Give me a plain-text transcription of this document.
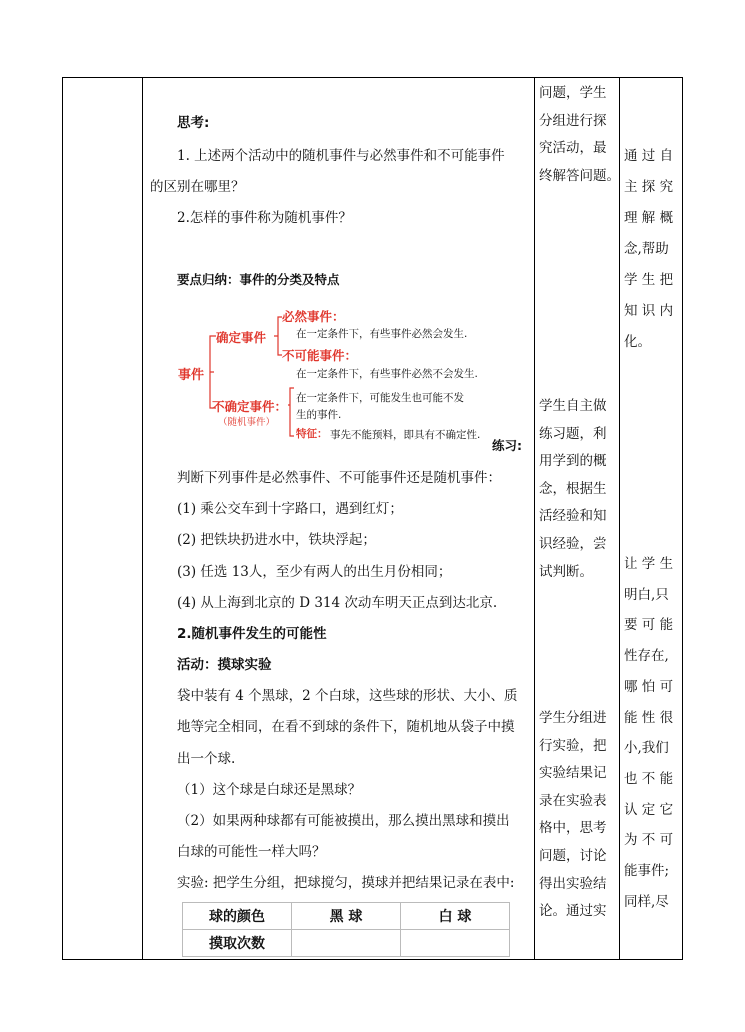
思考:
1. 上述两个活动中的随机事件与必然事件和不可能事件
的区别在哪里？
2.怎样的事件称为随机事件？
要点归纳：事件的分类及特点
事件
确定事件
必然事件：
在一定条件下，有些事件必然会发生.
不可能事件：
在一定条件下，有些事件必然不会发生.
不确定事件：
（随机事件）
在一定条件下，可能发生也可能不发
生的事件.
特征： 事先不能预料，即具有不确定性.
练习:
判断下列事件是必然事件、不可能事件还是随机事件：
(1) 乘公交车到十字路口，遇到红灯；
(2) 把铁块扔进水中，铁块浮起；
(3) 任选 13人，至少有两人的出生月份相同；
(4) 从上海到北京的 D 314 次动车明天正点到达北京.
2.随机事件发生的可能性
活动：摸球实验
袋中装有 4 个黑球，2 个白球，这些球的形状、大小、质
地等完全相同，在看不到球的条件下，随机地从袋子中摸
出一个球.
（1）这个球是白球还是黑球？
（2）如果两种球都有可能被摸出，那么摸出黑球和摸出
白球的可能性一样大吗？
实验: 把学生分组，把球搅匀，摸球并把结果记录在表中:
球的颜色	黑 球	白 球
摸取次数		
问题，学生
分组进行探
究活动，最
终解答问题。
学生自主做
练习题，利
用学到的概
念，根据生
活经验和知
识经验，尝
试判断。
学生分组进
行实验，把
实验结果记
录在实验表
格中，思考
问题，讨论
得出实验结
论。通过实
通 过 自
主 探 究
理 解 概
念,帮助
学 生 把
知 识 内
化。
让 学 生
明白,只
要 可 能
性存在,
哪 怕 可
能 性 很
小,我们
也 不 能
认 定 它
为 不 可
能事件;
同样,尽
